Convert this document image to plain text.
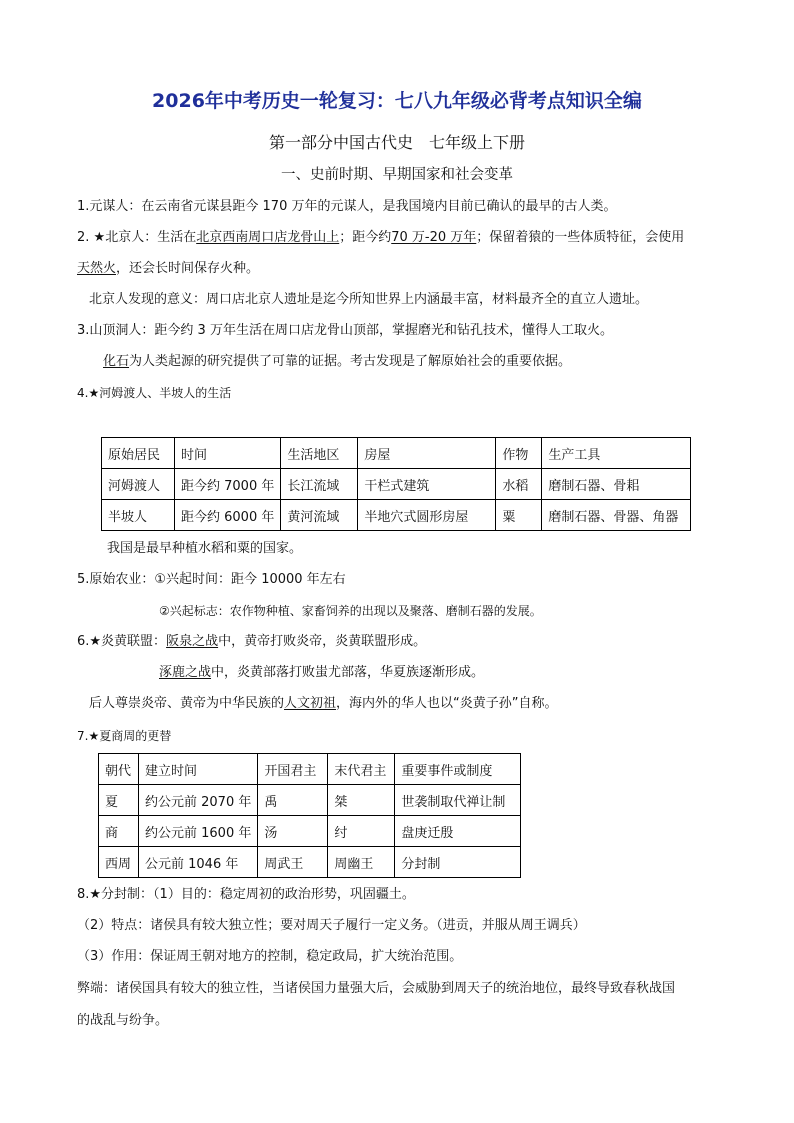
2026年中考历史一轮复习：七八九年级必背考点知识全编
第一部分中国古代史　七年级上下册
一、史前时期、早期国家和社会变革
1.元谋人：在云南省元谋县距今 170 万年的元谋人，是我国境内目前已确认的最早的古人类。
2. ★北京人：生活在北京西南周口店龙骨山上；距今约70 万-20 万年；保留着猿的一些体质特征，会使用
天然火，还会长时间保存火种。
北京人发现的意义：周口店北京人遗址是迄今所知世界上内涵最丰富，材料最齐全的直立人遗址。
3.山顶洞人：距今约 3 万年生活在周口店龙骨山顶部，掌握磨光和钻孔技术，懂得人工取火。
化石为人类起源的研究提供了可靠的证据。考古发现是了解原始社会的重要依据。
4.★河姆渡人、半坡人的生活
原始居民	时间	生活地区	房屋	作物	生产工具
河姆渡人	距今约 7000 年	长江流域	干栏式建筑	水稻	磨制石器、骨耜
半坡人	距今约 6000 年	黄河流域	半地穴式圆形房屋	粟	磨制石器、骨器、角器
我国是最早种植水稻和粟的国家。
5.原始农业：①兴起时间：距今 10000 年左右
②兴起标志：农作物种植、家畜饲养的出现以及聚落、磨制石器的发展。
6.★炎黄联盟：阪泉之战中，黄帝打败炎帝，炎黄联盟形成。
涿鹿之战中，炎黄部落打败蚩尤部落，华夏族逐渐形成。
后人尊崇炎帝、黄帝为中华民族的人文初祖，海内外的华人也以“炎黄子孙”自称。
7.★夏商周的更替
朝代	建立时间	开国君主	末代君主	重要事件或制度
夏	约公元前 2070 年	禹	桀	世袭制取代禅让制
商	约公元前 1600 年	汤	纣	盘庚迁殷
西周	公元前 1046 年	周武王	周幽王	分封制
8.★分封制：（1）目的：稳定周初的政治形势，巩固疆土。
（2）特点：诸侯具有较大独立性；要对周天子履行一定义务。（进贡，并服从周王调兵）
（3）作用：保证周王朝对地方的控制，稳定政局，扩大统治范围。
弊端：诸侯国具有较大的独立性，当诸侯国力量强大后，会威胁到周天子的统治地位，最终导致春秋战国
的战乱与纷争。
